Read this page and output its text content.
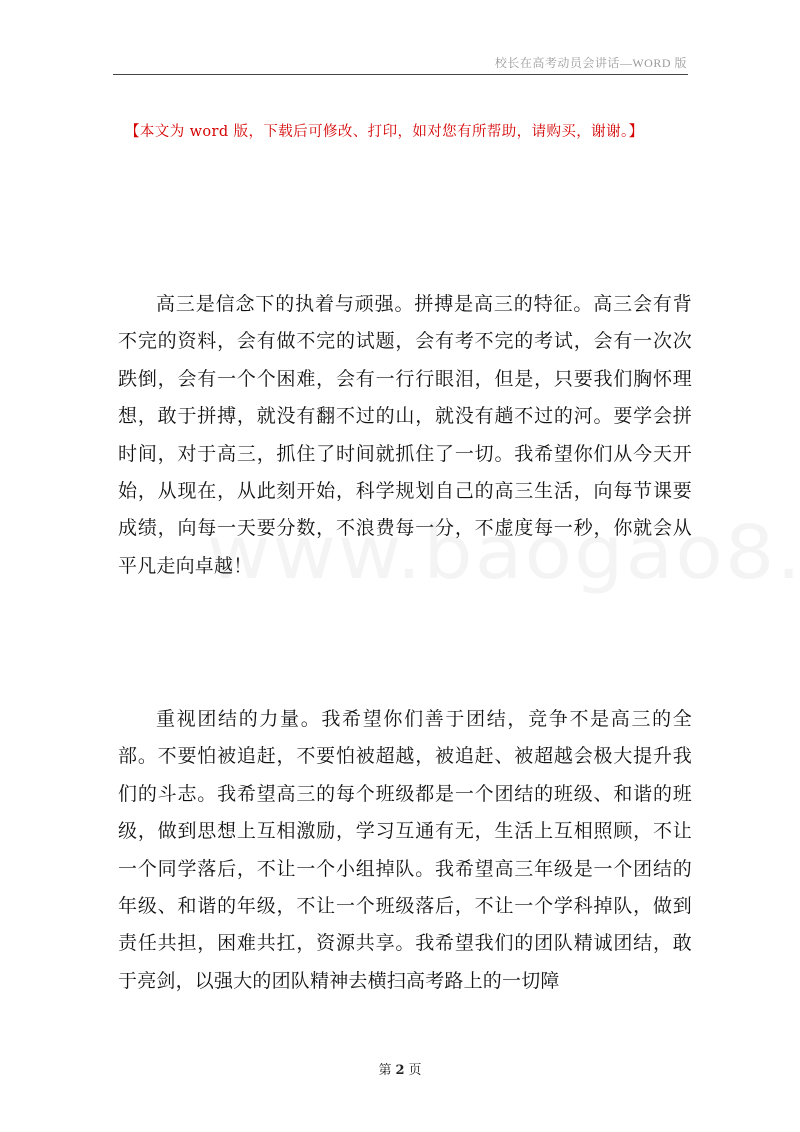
校长在高考动员会讲话—WORD 版
【本文为 word 版，下载后可修改、打印，如对您有所帮助，请购买，谢谢。】

高三是信念下的执着与顽强。拼搏是高三的特征。高三会有背不完的资料，会有做不完的试题，会有考不完的考试，会有一次次跌倒，会有一个个困难，会有一行行眼泪，但是，只要我们胸怀理想，敢于拼搏，就没有翻不过的山，就没有趟不过的河。要学会拼时间，对于高三，抓住了时间就抓住了一切。我希望你们从今天开始，从现在，从此刻开始，科学规划自己的高三生活，向每节课要成绩，向每一天要分数，不浪费每一分，不虚度每一秒，你就会从平凡走向卓越！

重视团结的力量。我希望你们善于团结，竞争不是高三的全部。不要怕被追赶，不要怕被超越，被追赶、被超越会极大提升我们的斗志。我希望高三的每个班级都是一个团结的班级、和谐的班级，做到思想上互相激励，学习互通有无，生活上互相照顾，不让一个同学落后，不让一个小组掉队。我希望高三年级是一个团结的年级、和谐的年级，不让一个班级落后，不让一个学科掉队，做到责任共担，困难共扛，资源共享。我希望我们的团队精诚团结，敢于亮剑，以强大的团队精神去横扫高考路上的一切障

第 2 页
